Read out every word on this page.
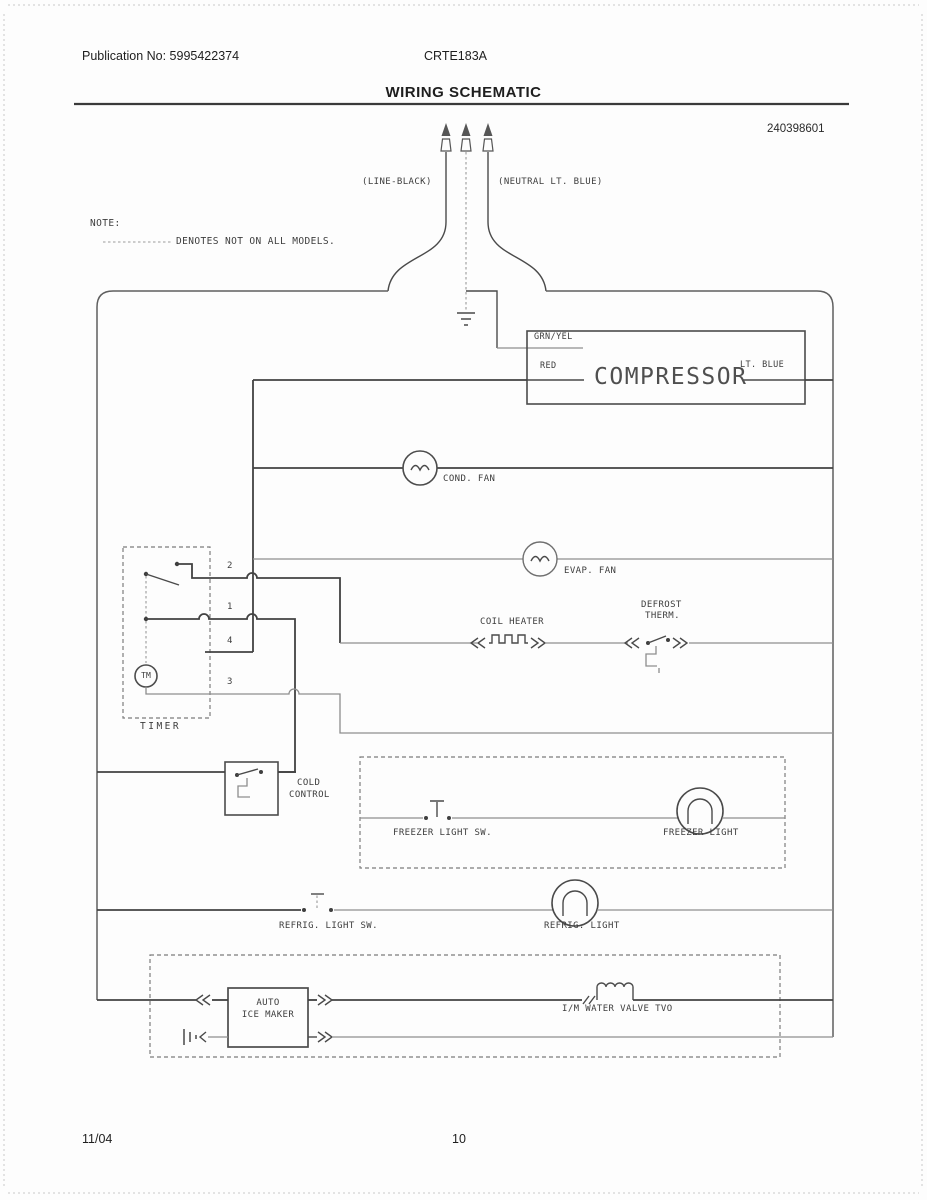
Publication No: 5995422374	CRTE183A
WIRING SCHEMATIC
240398601
(LINE-BLACK)	(NEUTRAL LT. BLUE)
NOTE:
DENOTES NOT ON ALL MODELS.
GRN/YEL
RED COMPRESSOR
LT. BLUE
COND. FAN
EVAP. FAN
COIL HEATER
DEFROST
THERM.
2
1
4
3
TM
TIMER
COLD
CONTROL
FREEZER LIGHT SW.	FREEZER LIGHT
REFRIG. LIGHT SW.	REFRIG. LIGHT
AUTO
ICE MAKER
I/M WATER VALVE TVO
11/04	10
